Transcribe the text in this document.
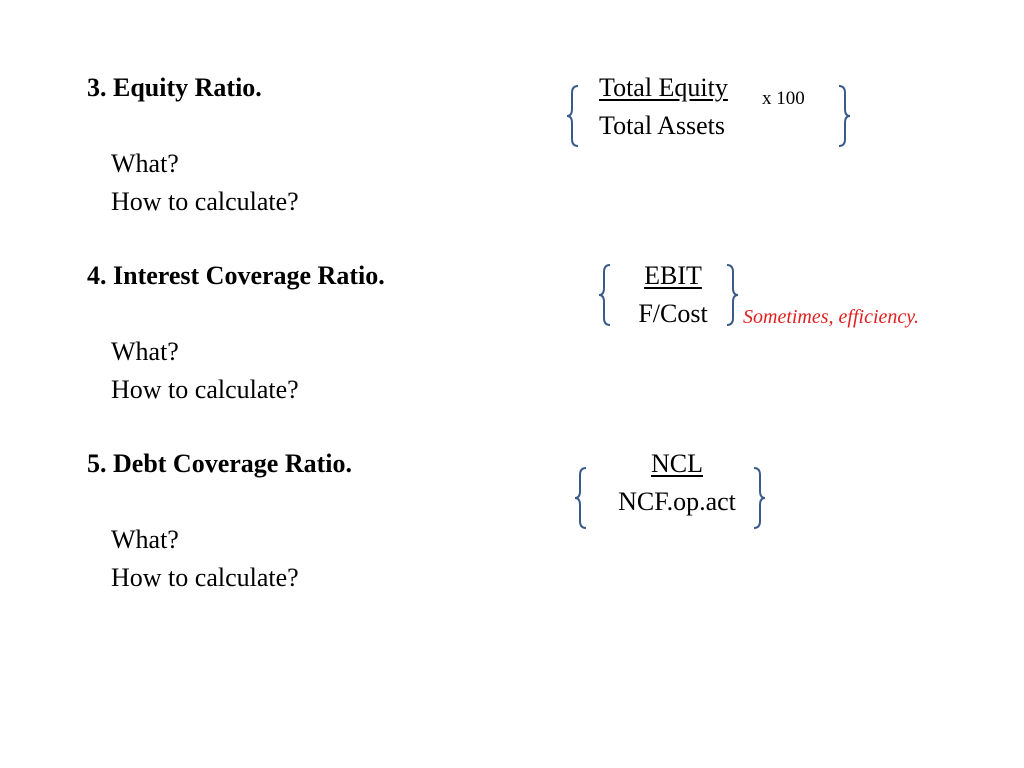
3. Equity Ratio.
What?
How to calculate?
Total Equity x 100
Total Assets
4. Interest Coverage Ratio.
What?
How to calculate?
EBIT
F/Cost	Sometimes, efficiency.
5. Debt Coverage Ratio.
What?
How to calculate?
NCL
NCF.op.act
